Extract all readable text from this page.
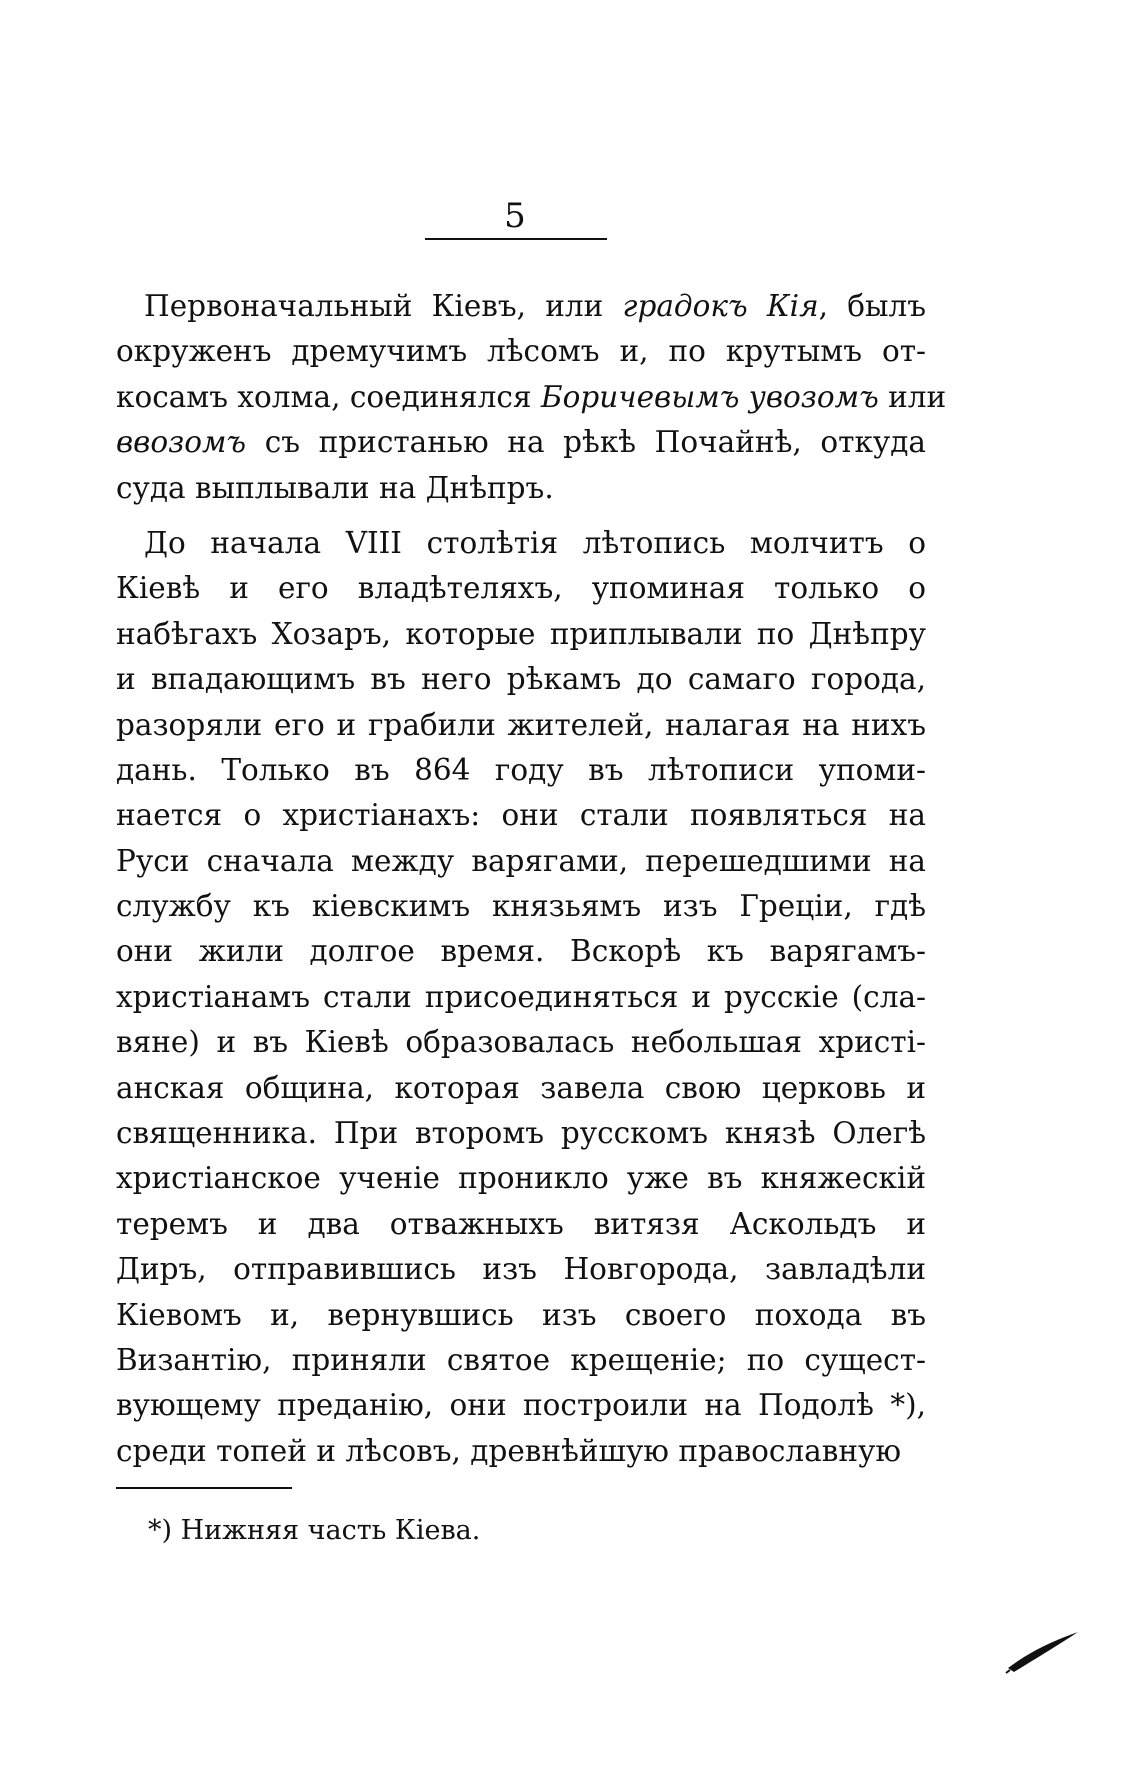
5
Первоначальный Кіевъ, или градокъ Кія, былъ
окруженъ дремучимъ лѣсомъ и, по крутымъ от-
косамъ холма, соединялся Боричевымъ увозомъ или
ввозомъ съ пристанью на рѣкѣ Почайнѣ, откуда
суда выплывали на Днѣпръ.
До начала VIII столѣтія лѣтопись молчитъ о
Кіевѣ и его владѣтеляхъ, упоминая только о
набѣгахъ Хозаръ, которые приплывали по Днѣпру
и впадающимъ въ него рѣкамъ до самаго города,
разоряли его и грабили жителей, налагая на нихъ
дань. Только въ 864 году въ лѣтописи упоми-
нается о христіанахъ: они стали появляться на
Руси сначала между варягами, перешедшими на
службу къ кіевскимъ князьямъ изъ Греціи, гдѣ
они жили долгое время. Вскорѣ къ варягамъ-
христіанамъ стали присоединяться и русскіе (сла-
вяне) и въ Кіевѣ образовалась небольшая христі-
анская община, которая завела свою церковь и
священника. При второмъ русскомъ князѣ Олегѣ
христіанское ученіе проникло уже въ княжескій
теремъ и два отважныхъ витязя Аскольдъ и
Диръ, отправившись изъ Новгорода, завладѣли
Кіевомъ и, вернувшись изъ своего похода въ
Византію, приняли святое крещеніе; по сущест-
вующему преданію, они построили на Подолѣ *),
среди топей и лѣсовъ, древнѣйшую православную
*) Нижняя часть Кіева.
